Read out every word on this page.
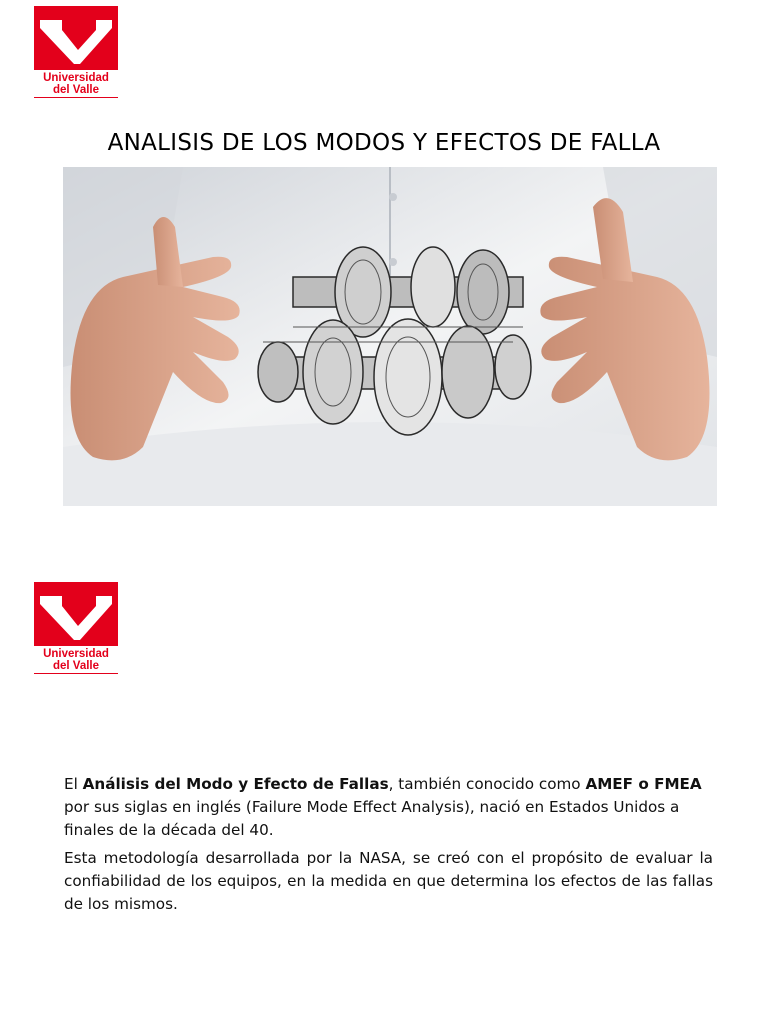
Universidad
del Valle
ANALISIS DE LOS MODOS Y EFECTOS DE FALLA
Universidad
del Valle

El Análisis del Modo y Efecto de Fallas, también conocido como AMEF o FMEA por sus siglas en inglés (Failure Mode Effect Analysis), nació en Estados Unidos a finales de la década del 40.

Esta metodología desarrollada por la NASA, se creó con el propósito de evaluar la confiabilidad de los equipos, en la medida en que determina los efectos de las fallas de los mismos.
